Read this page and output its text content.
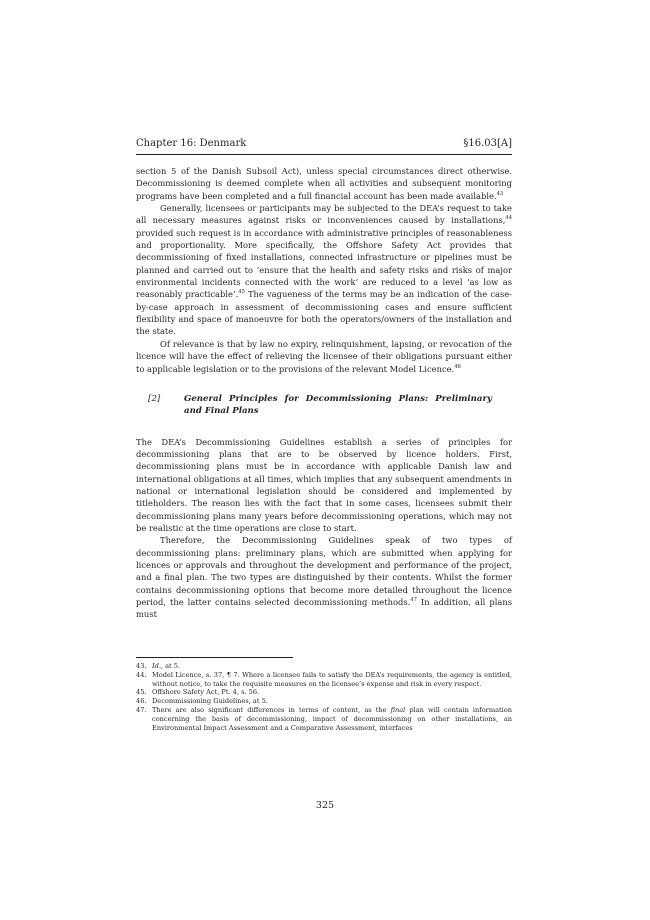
Chapter 16: Denmark	§16.03[A]

section 5 of the Danish Subsoil Act), unless special circumstances direct otherwise. Decommissioning is deemed complete when all activities and subsequent monitoring programs have been completed and a full financial account has been made available.$^{43}$

Generally, licensees or participants may be subjected to the DEA’s request to take all necessary measures against risks or inconveniences caused by installations,$^{44}$ provided such request is in accordance with administrative principles of reasonableness and proportionality. More specifically, the Offshore Safety Act provides that decommissioning of fixed installations, connected infrastructure or pipelines must be planned and carried out to ‘ensure that the health and safety risks and risks of major environmental incidents connected with the work’ are reduced to a level ‘as low as reasonably practicable’.$^{45}$ The vagueness of the terms may be an indication of the case-by-case approach in assessment of decommissioning cases and ensure sufficient flexibility and space of manoeuvre for both the operators/owners of the installation and the state.

Of relevance is that by law no expiry, relinquishment, lapsing, or revocation of the licence will have the effect of relieving the licensee of their obligations pursuant either to applicable legislation or to the provisions of the relevant Model Licence.$^{46}$

[2]	General Principles for Decommissioning Plans: Preliminary and Final Plans

The DEA’s Decommissioning Guidelines establish a series of principles for decommissioning plans that are to be observed by licence holders. First, decommissioning plans must be in accordance with applicable Danish law and international obligations at all times, which implies that any subsequent amendments in national or international legislation should be considered and implemented by titleholders. The reason lies with the fact that in some cases, licensees submit their decommissioning plans many years before decommissioning operations, which may not be realistic at the time operations are close to start.

Therefore, the Decommissioning Guidelines speak of two types of decommissioning plans: preliminary plans, which are submitted when applying for licences or approvals and throughout the development and performance of the project, and a final plan. The two types are distinguished by their contents. Whilst the former contains decommissioning options that become more detailed throughout the licence period, the latter contains selected decommissioning methods.$^{47}$ In addition, all plans must

43. Id., at 5.
44. Model Licence, s. 37, ¶ 7. Where a licensee fails to satisfy the DEA’s requirements, the agency is entitled, without notice, to take the requisite measures on the licensee’s expense and risk in every respect.
45. Offshore Safety Act, Pt. 4, s. 56.
46. Decommissioning Guidelines, at 5.
47. There are also significant differences in terms of content, as the final plan will contain information concerning the basis of decommissioning, impact of decommissioning on other installations, an Environmental Impact Assessment and a Comparative Assessment, interfaces
325
